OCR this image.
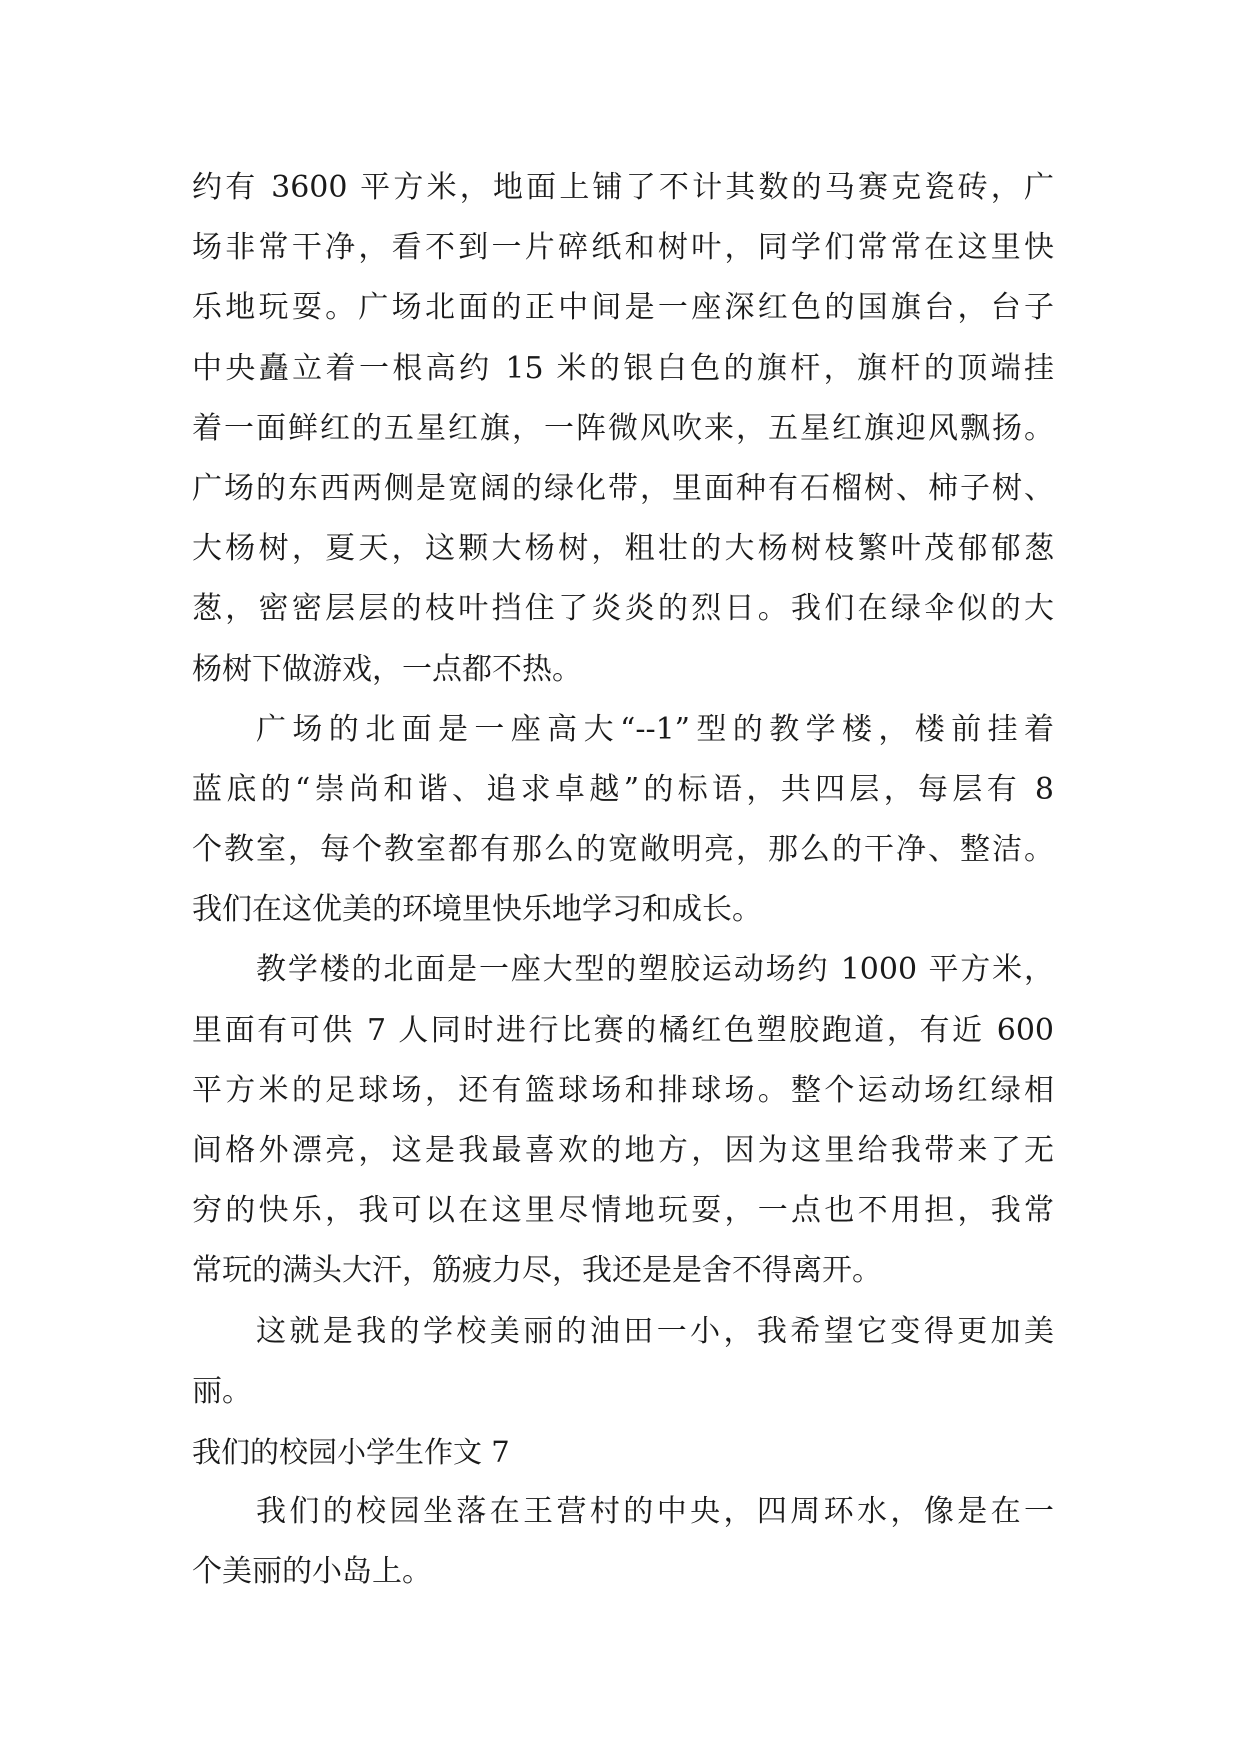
约有 3600 平方米，地面上铺了不计其数的马赛克瓷砖，广
场非常干净，看不到一片碎纸和树叶，同学们常常在这里快
乐地玩耍。广场北面的正中间是一座深红色的国旗台，台子
中央矗立着一根高约 15 米的银白色的旗杆，旗杆的顶端挂
着一面鲜红的五星红旗，一阵微风吹来，五星红旗迎风飘扬。
广场的东西两侧是宽阔的绿化带，里面种有石榴树、柿子树、
大杨树，夏天，这颗大杨树，粗壮的大杨树枝繁叶茂郁郁葱
葱，密密层层的枝叶挡住了炎炎的烈日。我们在绿伞似的大
杨树下做游戏，一点都不热。
广场的北面是一座高大“--1”型的教学楼，楼前挂着
蓝底的“崇尚和谐、追求卓越”的标语，共四层，每层有 8
个教室，每个教室都有那么的宽敞明亮，那么的干净、整洁。
我们在这优美的环境里快乐地学习和成长。
教学楼的北面是一座大型的塑胶运动场约 1000 平方米，
里面有可供 7 人同时进行比赛的橘红色塑胶跑道，有近 600
平方米的足球场，还有篮球场和排球场。整个运动场红绿相
间格外漂亮，这是我最喜欢的地方，因为这里给我带来了无
穷的快乐，我可以在这里尽情地玩耍，一点也不用担，我常
常玩的满头大汗，筋疲力尽，我还是是舍不得离开。
这就是我的学校美丽的油田一小，我希望它变得更加美
丽。
我们的校园小学生作文 7
我们的校园坐落在王营村的中央，四周环水，像是在一
个美丽的小岛上。
